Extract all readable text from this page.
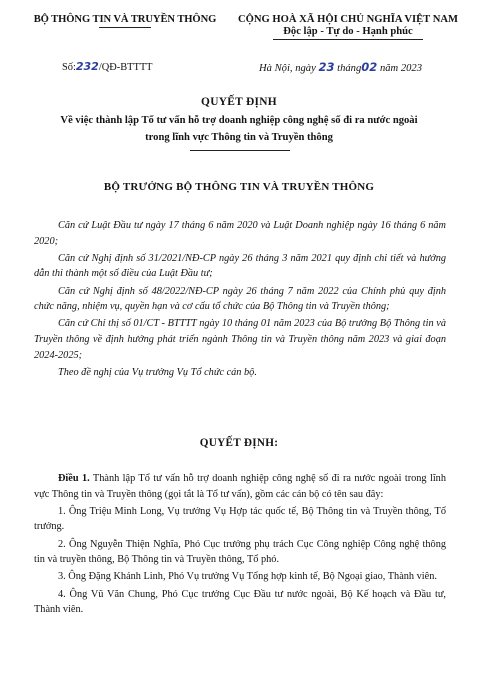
BỘ THÔNG TIN VÀ TRUYỀN THÔNG	CỘNG HOÀ XÃ HỘI CHỦ NGHĨA VIỆT NAM
Độc lập - Tự do - Hạnh phúc
Số:232/QĐ-BTTTT	Hà Nội, ngày 23 tháng02 năm 2023
QUYẾT ĐỊNH
Về việc thành lập Tổ tư vấn hỗ trợ doanh nghiệp công nghệ số đi ra nước ngoài
trong lĩnh vực Thông tin và Truyền thông
BỘ TRƯỞNG BỘ THÔNG TIN VÀ TRUYỀN THÔNG

Căn cứ Luật Đầu tư ngày 17 tháng 6 năm 2020 và Luật Doanh nghiệp ngày 16 tháng 6 năm 2020;

Căn cứ Nghị định số 31/2021/NĐ-CP ngày 26 tháng 3 năm 2021 quy định chi tiết và hướng dẫn thi thành một số điều của Luật Đầu tư;

Căn cứ Nghị định số 48/2022/NĐ-CP ngày 26 tháng 7 năm 2022 của Chính phủ quy định chức năng, nhiệm vụ, quyền hạn và cơ cấu tổ chức của Bộ Thông tin và Truyền thông;

Căn cứ Chỉ thị số 01/CT - BTTTT ngày 10 tháng 01 năm 2023 của Bộ trưởng Bộ Thông tin và Truyền thông về định hướng phát triển ngành Thông tin và Truyền thông năm 2023 và giai đoạn 2024-2025;

Theo đề nghị của Vụ trưởng Vụ Tổ chức cán bộ.

QUYẾT ĐỊNH:

Điều 1. Thành lập Tổ tư vấn hỗ trợ doanh nghiệp công nghệ số đi ra nước ngoài trong lĩnh vực Thông tin và Truyền thông (gọi tắt là Tổ tư vấn), gồm các cán bộ có tên sau đây:

1. Ông Triệu Minh Long, Vụ trưởng Vụ Hợp tác quốc tế, Bộ Thông tin và Truyền thông, Tổ trưởng.

2. Ông Nguyễn Thiện Nghĩa, Phó Cục trưởng phụ trách Cục Công nghiệp Công nghệ thông tin và truyền thông, Bộ Thông tin và Truyền thông, Tổ phó.

3. Ông Đặng Khánh Linh, Phó Vụ trưởng Vụ Tổng hợp kinh tế, Bộ Ngoại giao, Thành viên.

4. Ông Vũ Văn Chung, Phó Cục trưởng Cục Đầu tư nước ngoài, Bộ Kế hoạch và Đầu tư, Thành viên.
